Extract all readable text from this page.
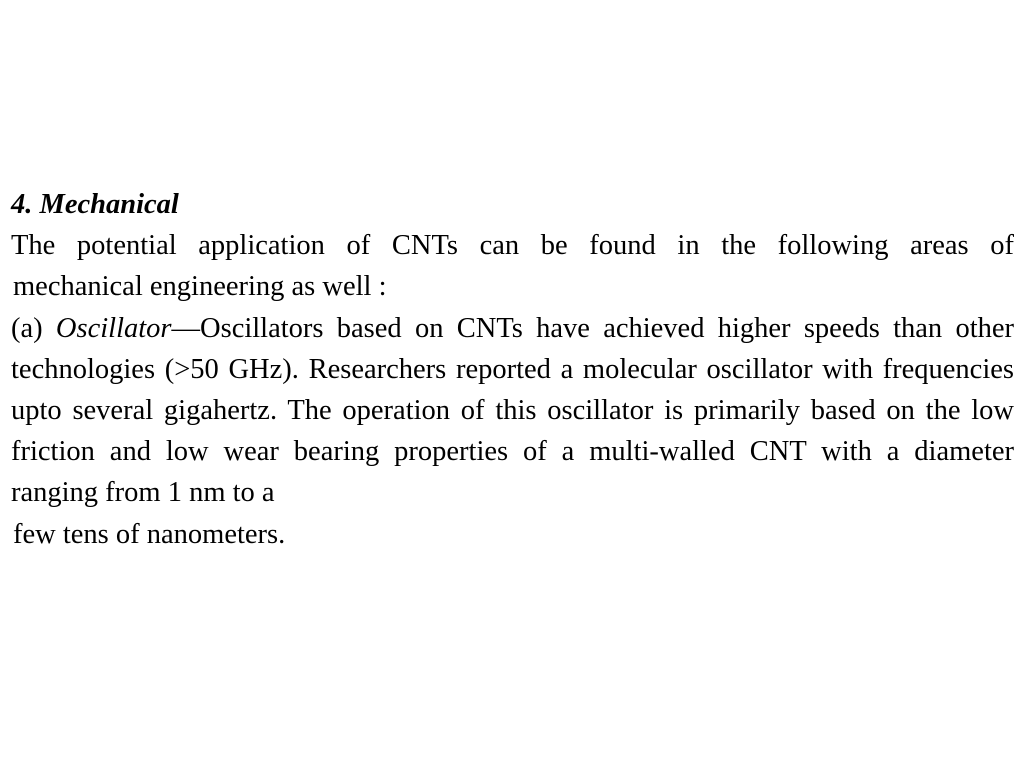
4. Mechanical
The potential application of CNTs can be found in the following areas of
mechanical engineering as well :
(a) Oscillator—Oscillators based on CNTs have achieved higher speeds than other technologies (>50 GHz). Researchers reported a molecular oscillator with frequencies upto several gigahertz. The operation of this oscillator is primarily based on the low friction and low wear bearing properties of a multi-walled CNT with a diameter ranging from 1 nm to a
few tens of nanometers.
